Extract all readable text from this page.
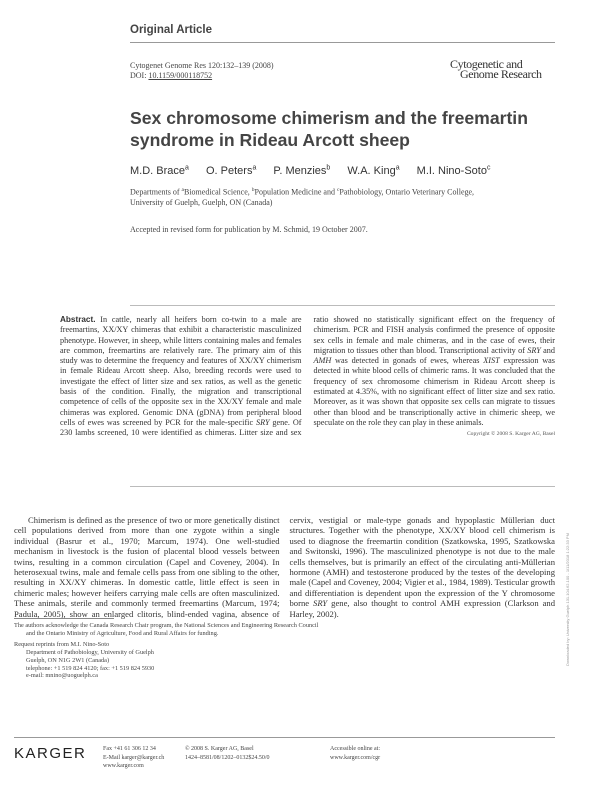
Original Article
Cytogenet Genome Res 120:132–139 (2008)
DOI: 10.1159/000118752
Cytogenetic and
Genome Research
Sex chromosome chimerism and the freemartin syndrome in Rideau Arcott sheep
M.D. Brace$^a$ O. Peters$^a$ P. Menzies$^b$ W.A. King$^a$ M.I. Nino-Soto$^c$
Departments of $^a$Biomedical Science, $^b$Population Medicine and $^c$Pathobiology, Ontario Veterinary College,
University of Guelph, Guelph, ON (Canada)
Accepted in revised form for publication by M. Schmid, 19 October 2007.
Abstract. In cattle, nearly all heifers born co-twin to a male are freemartins, XX/XY chimeras that exhibit a characteristic masculinized phenotype. However, in sheep, while litters containing males and females are common, freemartins are relatively rare. The primary aim of this study was to determine the frequency and features of XX/XY chimerism in female Rideau Arcott sheep. Also, breeding records were used to investigate the effect of litter size and sex ratios, as well as the genetic basis of the condition. Finally, the migration and transcriptional competence of cells of the opposite sex in the XX/XY female and male chimeras was explored. Genomic DNA (gDNA) from peripheral blood cells of ewes was screened by PCR for the male-specific SRY gene. Of 230 lambs screened, 10 were identified as chimeras. Litter size and sex ratio showed no statistically significant effect on the frequency of chimerism. PCR and FISH analysis confirmed the presence of opposite sex cells in female and male chimeras, and in the case of ewes, their migration to tissues other than blood. Transcriptional activity of SRY and AMH was detected in gonads of ewes, whereas XIST expression was detected in white blood cells of chimeric rams. It was concluded that the frequency of sex chromosome chimerism in Rideau Arcott sheep is estimated at 4.35%, with no significant effect of litter size and sex ratio. Moreover, as it was shown that opposite sex cells can migrate to tissues other than blood and be transcriptionally active in chimeric sheep, we speculate on the role they can play in these animals.
Copyright © 2008 S. Karger AG, Basel

Chimerism is defined as the presence of two or more genetically distinct cell populations derived from more than one zygote within a single individual (Basrur et al., 1970; Marcum, 1974). One well-studied mechanism in livestock is the fusion of placental blood vessels between twins, resulting in a common circulation (Capel and Coveney, 2004). In heterosexual twins, male and female cells pass from one sibling to the other, resulting in XX/XY chimeras. In domestic cattle, little effect is seen in chimeric males; however heifers carrying male cells are often masculinized. These animals, sterile and commonly termed freemartins (Marcum, 1974; Padula, 2005), show an enlarged clitoris, blind-ended vagina, absence of cervix, vestigial or male-type gonads and hypoplastic Müllerian duct structures. Together with the phenotype, XX/XY blood cell chimerism is used to diagnose the freemartin condition (Szatkowska, 1995, Szatkowska and Switonski, 1996). The masculinized phenotype is not due to the male cells themselves, but is primarily an effect of the circulating anti-Müllerian hormone (AMH) and testosterone produced by the testes of the developing male (Capel and Coveney, 2004; Vigier et al., 1984, 1989). Testicular growth and differentiation is dependent upon the expression of the Y chromosome borne SRY gene, also thought to control AMH expression (Clarkson and Harley, 2002).

The authors acknowledge the Canada Research Chair program, the National Sciences and Engineering Research Council and the Ontario Ministry of Agriculture, Food and Rural Affairs for funding.

Request reprints from M.I. Nino-Soto
Department of Pathobiology, University of Guelph
Guelph, ON N1G 2W1 (Canada)
telephone: +1 519 824 4120; fax: +1 519 824 5930
e-mail: mnino@uoguelph.ca
KARGER	Fax +41 61 306 12 34
E-Mail karger@karger.ch
www.karger.com
© 2008 S. Karger AG, Basel
1424–8581/08/1202–0132$24.50/0
Accessible online at:
www.karger.com/cgr
Downloaded by: University Guelph 131.104.62.100 - 1/11/2018 1:22:33 PM
